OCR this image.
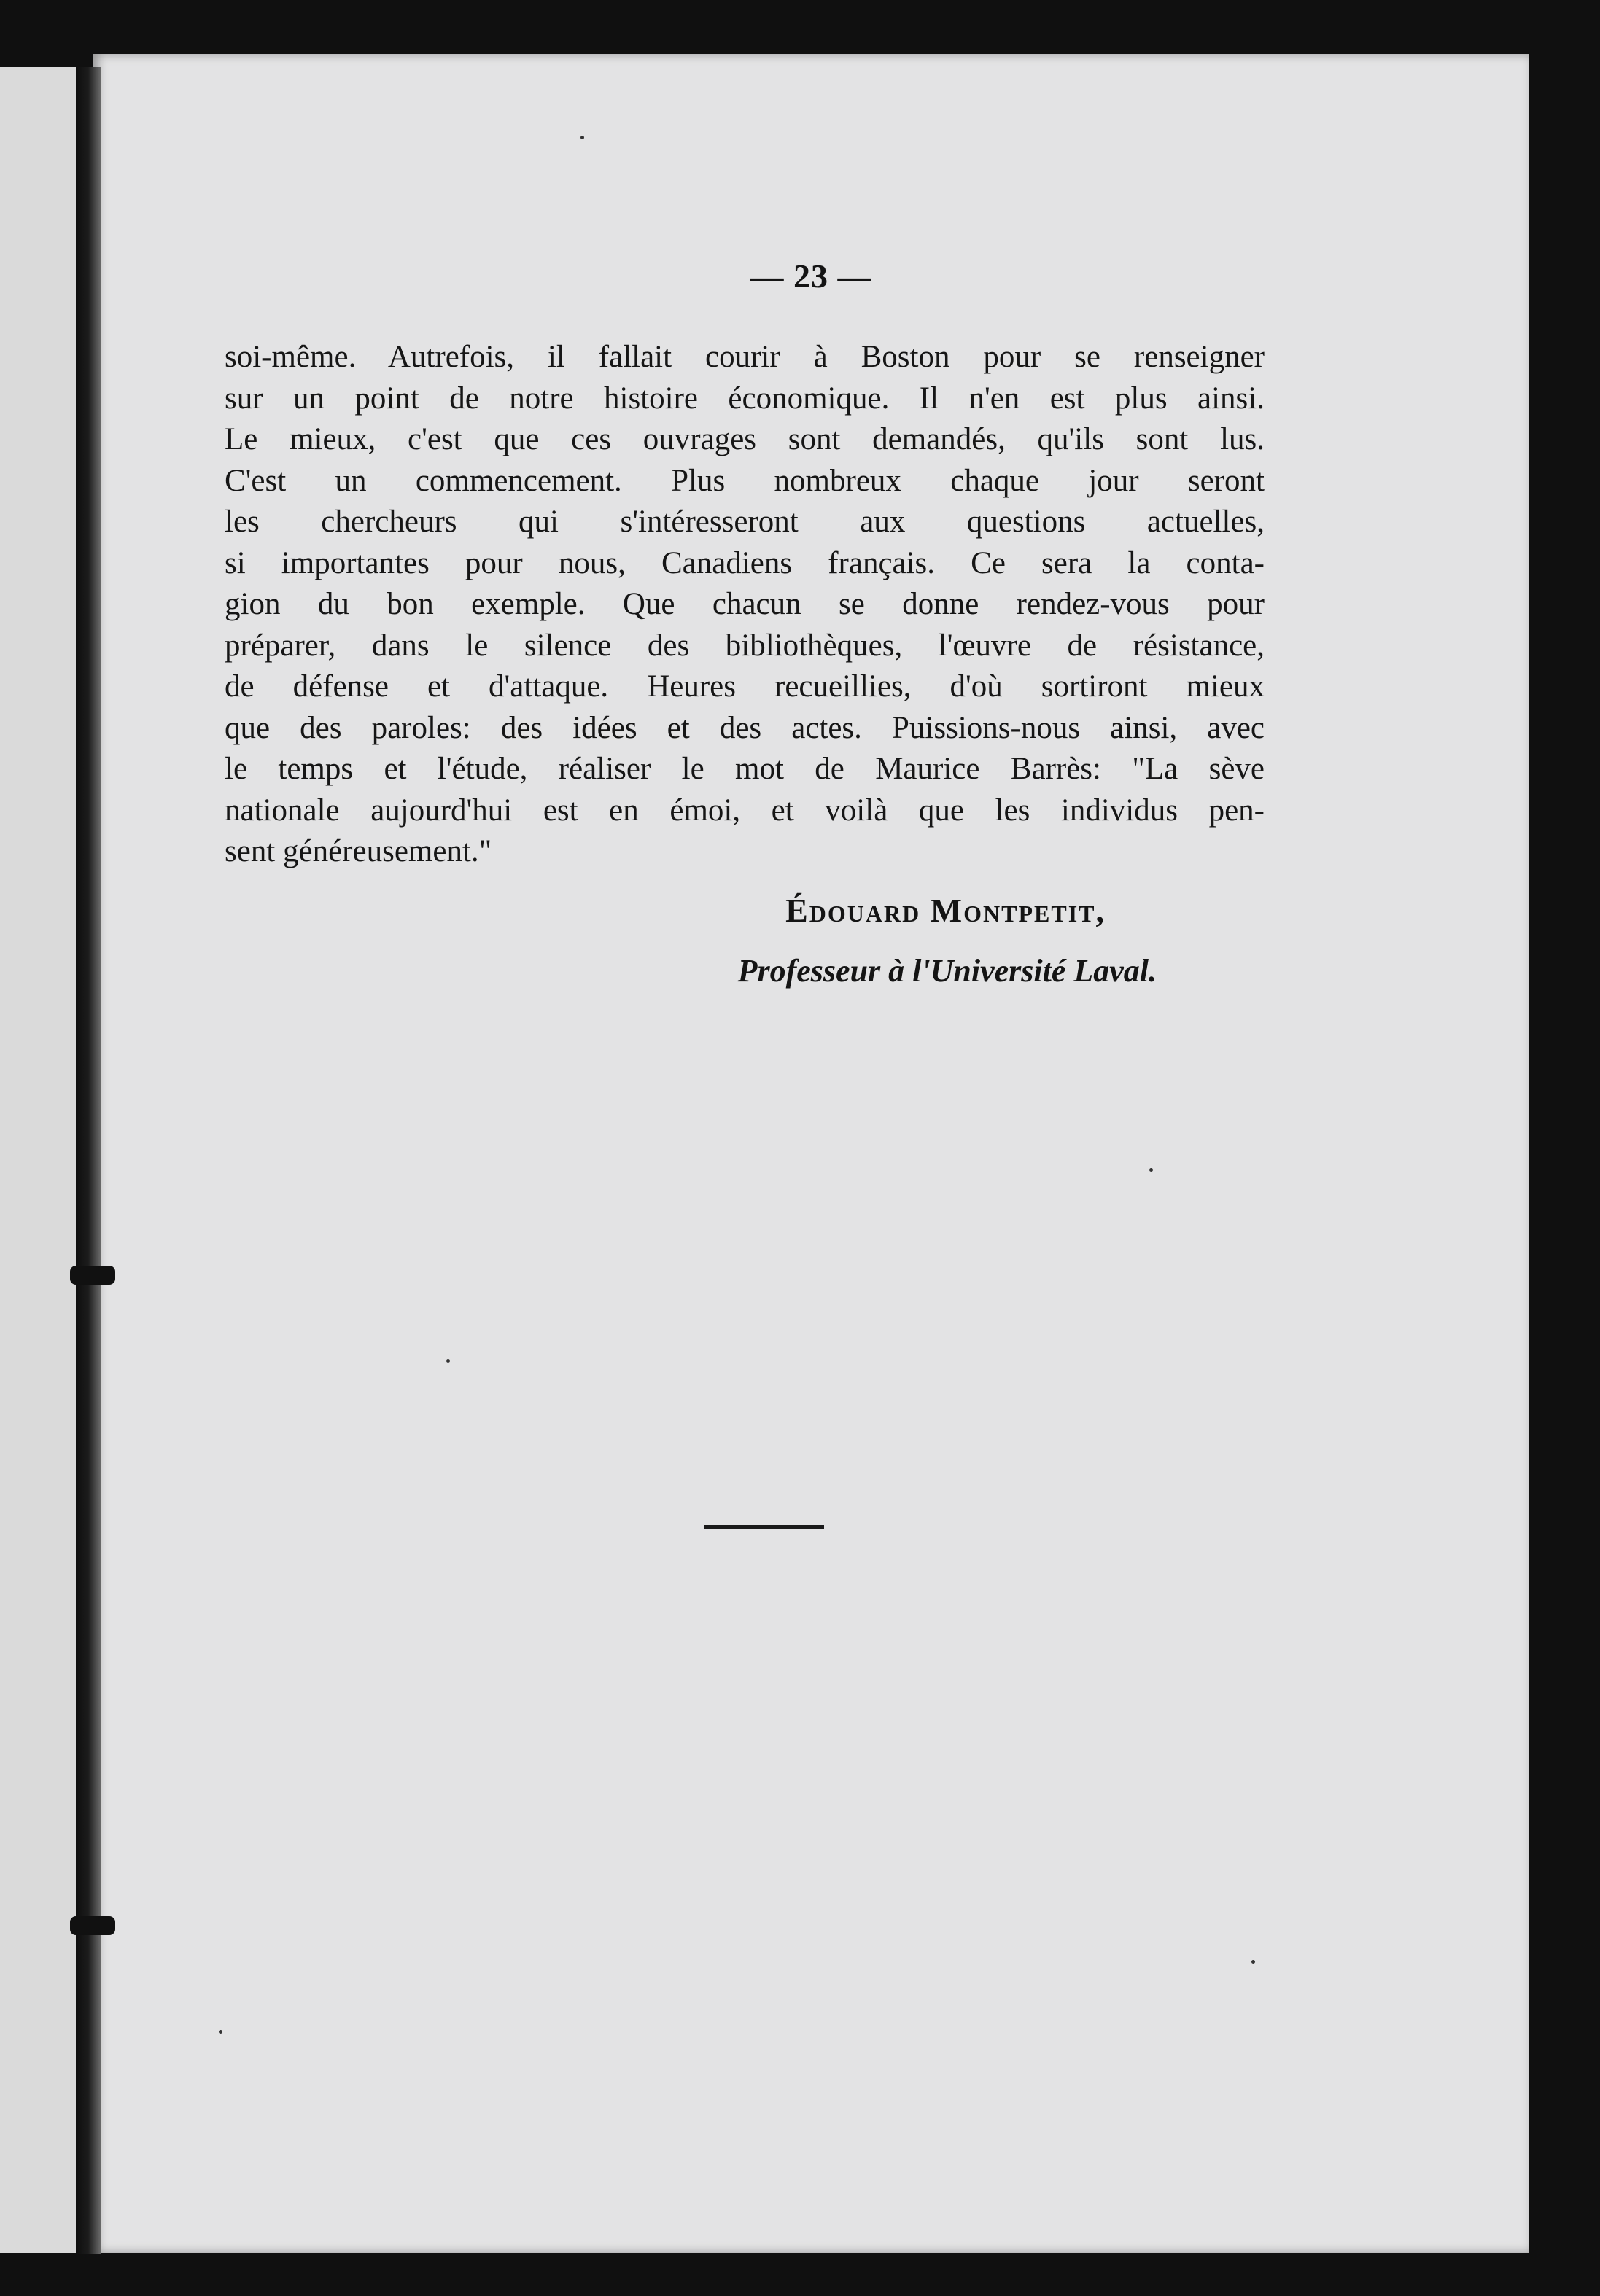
— 23 —

soi-même. Autrefois, il fallait courir à Boston pour se renseigner
sur un point de notre histoire économique. Il n'en est plus ainsi.
Le mieux, c'est que ces ouvrages sont demandés, qu'ils sont lus.
C'est un commencement. Plus nombreux chaque jour seront
les chercheurs qui s'intéresseront aux questions actuelles,
si importantes pour nous, Canadiens français. Ce sera la conta-
gion du bon exemple. Que chacun se donne rendez-vous pour
préparer, dans le silence des bibliothèques, l'œuvre de résistance,
de défense et d'attaque. Heures recueillies, d'où sortiront mieux
que des paroles: des idées et des actes. Puissions-nous ainsi, avec
le temps et l'étude, réaliser le mot de Maurice Barrès: "La sève
nationale aujourd'hui est en émoi, et voilà que les individus pen-
sent généreusement."

Édouard Montpetit,
Professeur à l'Université Laval.
